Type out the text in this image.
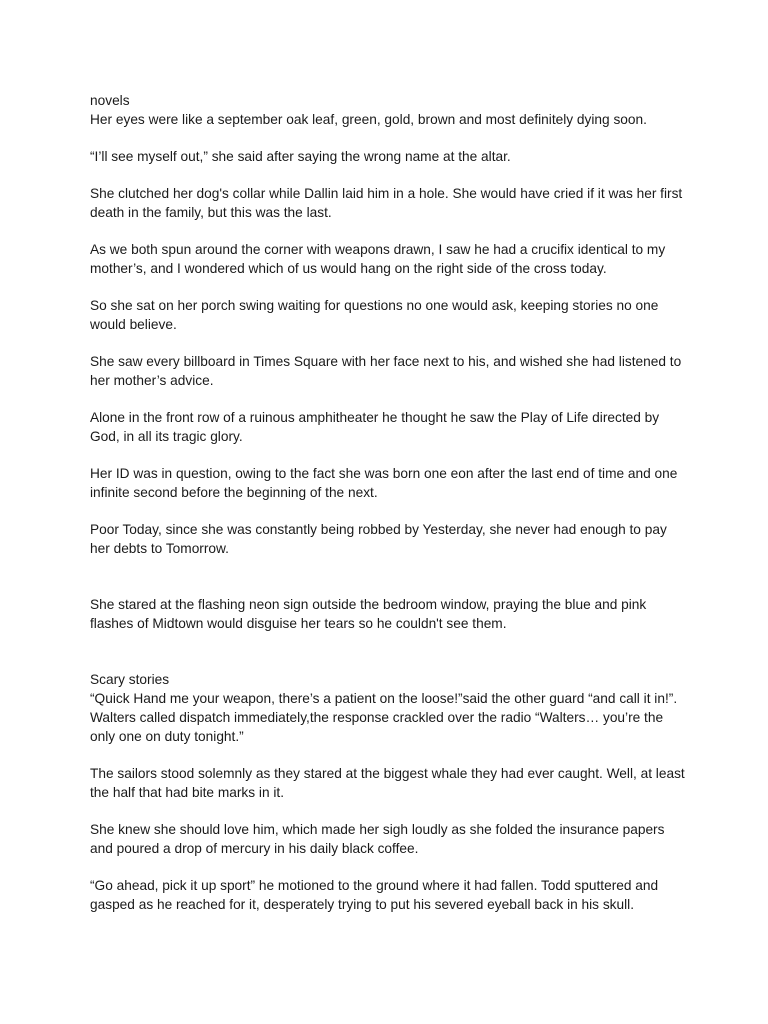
novels

Her eyes were like a september oak leaf, green, gold, brown and most definitely dying soon.

“I’ll see myself out,” she said after saying the wrong name at the altar.

She clutched her dog's collar while Dallin laid him in a hole. She would have cried if it was her first death in the family, but this was the last.

As we both spun around the corner with weapons drawn, I saw he had a crucifix identical to my mother’s, and I wondered which of us would hang on the right side of the cross today.

So she sat on her porch swing waiting for questions no one would ask, keeping stories no one would believe.

She saw every billboard in Times Square with her face next to his, and wished she had listened to her mother’s advice.

Alone in the front row of a ruinous amphitheater he thought he saw the Play of Life directed by God, in all its tragic glory.

Her ID was in question, owing to the fact she was born one eon after the last end of time and one infinite second before the beginning of the next.

Poor Today, since she was constantly being robbed by Yesterday, she never had enough to pay her debts to Tomorrow.

She stared at the flashing neon sign outside the bedroom window, praying the blue and pink flashes of Midtown would disguise her tears so he couldn't see them.

Scary stories

“Quick Hand me your weapon, there’s a patient on the loose!”said the other guard “and call it in!”. Walters called dispatch immediately,the response crackled over the radio “Walters… you’re the only one on duty tonight.”

The sailors stood solemnly as they stared at the biggest whale they had ever caught. Well, at least the half that had bite marks in it.

She knew she should love him, which made her sigh loudly as she folded the insurance papers and poured a drop of mercury in his daily black coffee.

“Go ahead, pick it up sport” he motioned to the ground where it had fallen. Todd sputtered and gasped as he reached for it, desperately trying to put his severed eyeball back in his skull.
